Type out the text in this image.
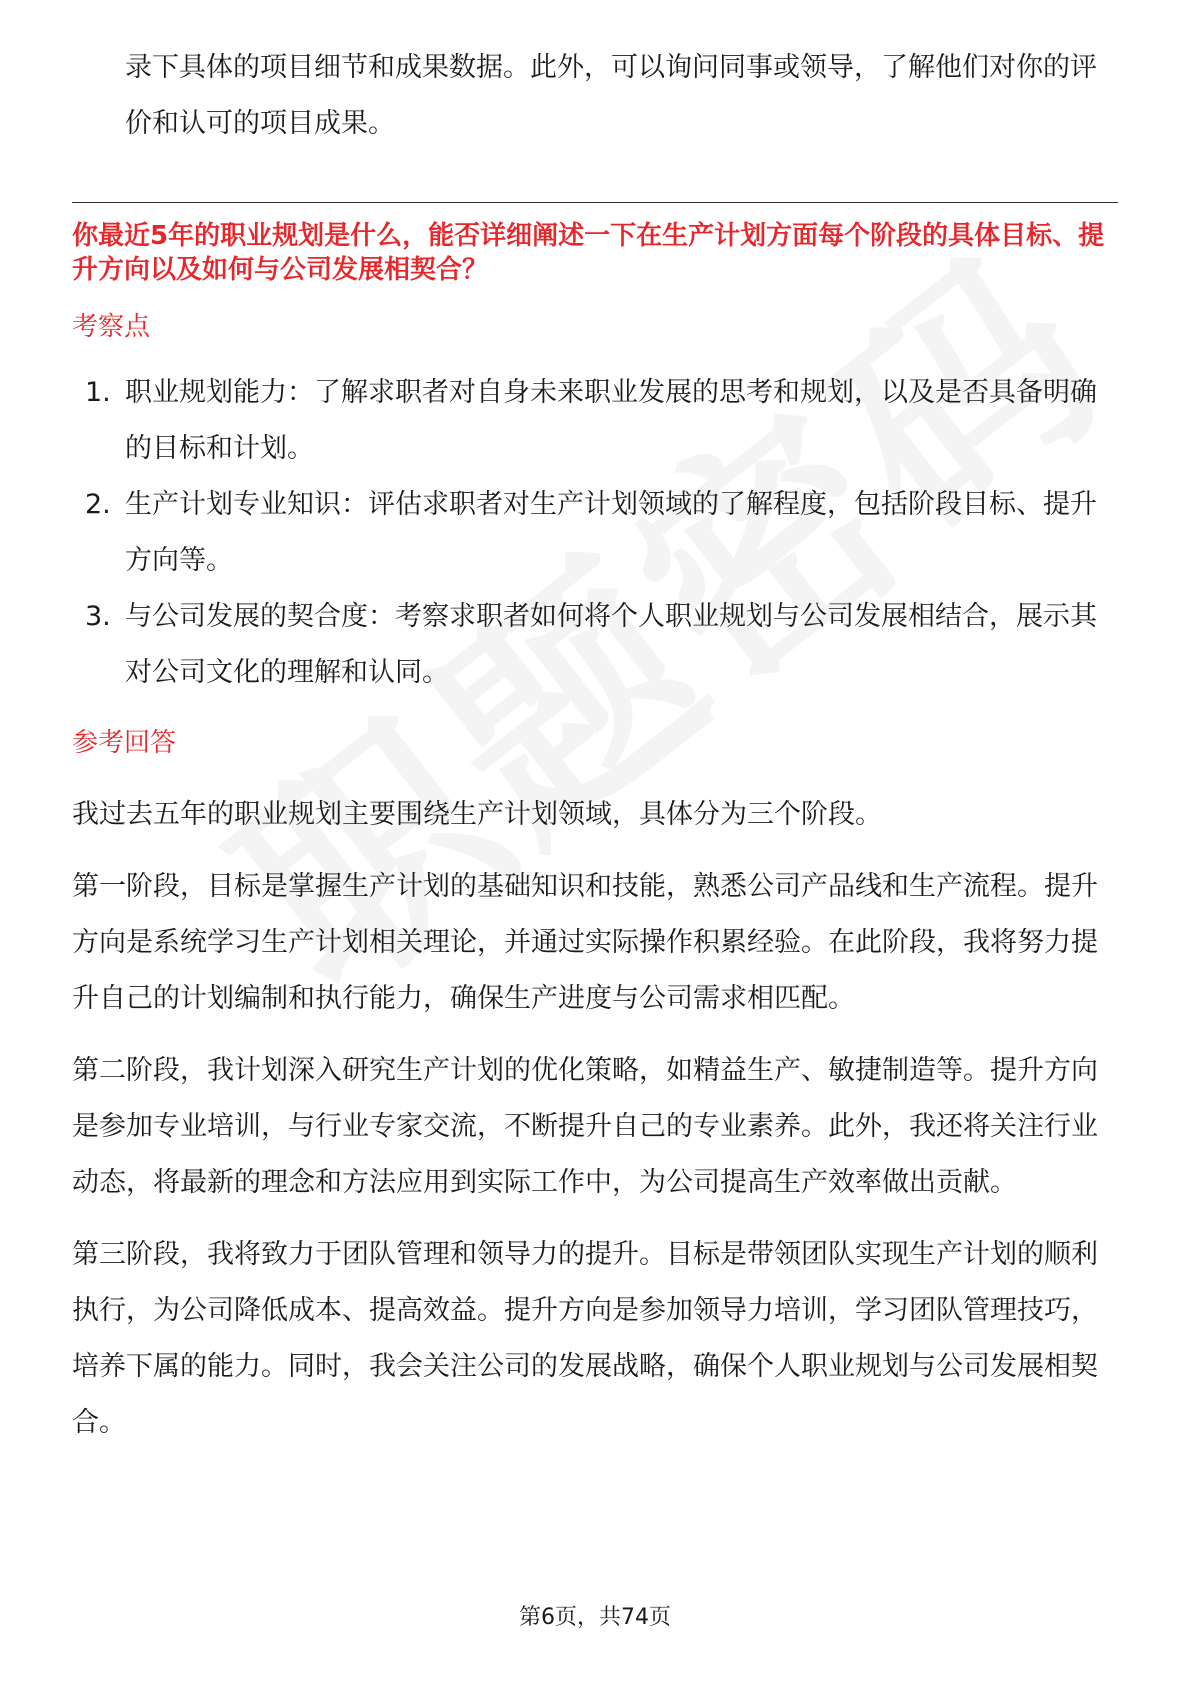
录下具体的项目细节和成果数据。此外，可以询问同事或领导，了解他们对你的评价和认可的项目成果。
你最近5年的职业规划是什么，能否详细阐述一下在生产计划方面每个阶段的具体目标、提升方向以及如何与公司发展相契合？
考察点
1. 职业规划能力：了解求职者对自身未来职业发展的思考和规划，以及是否具备明确的目标和计划。
2. 生产计划专业知识：评估求职者对生产计划领域的了解程度，包括阶段目标、提升方向等。
3. 与公司发展的契合度：考察求职者如何将个人职业规划与公司发展相结合，展示其对公司文化的理解和认同。
参考回答
我过去五年的职业规划主要围绕生产计划领域，具体分为三个阶段。
第一阶段，目标是掌握生产计划的基础知识和技能，熟悉公司产品线和生产流程。提升方向是系统学习生产计划相关理论，并通过实际操作积累经验。在此阶段，我将努力提升自己的计划编制和执行能力，确保生产进度与公司需求相匹配。
第二阶段，我计划深入研究生产计划的优化策略，如精益生产、敏捷制造等。提升方向是参加专业培训，与行业专家交流，不断提升自己的专业素养。此外，我还将关注行业动态，将最新的理念和方法应用到实际工作中，为公司提高生产效率做出贡献。
第三阶段，我将致力于团队管理和领导力的提升。目标是带领团队实现生产计划的顺利执行，为公司降低成本、提高效益。提升方向是参加领导力培训，学习团队管理技巧，培养下属的能力。同时，我会关注公司的发展战略，确保个人职业规划与公司发展相契合。
第6页，共74页
